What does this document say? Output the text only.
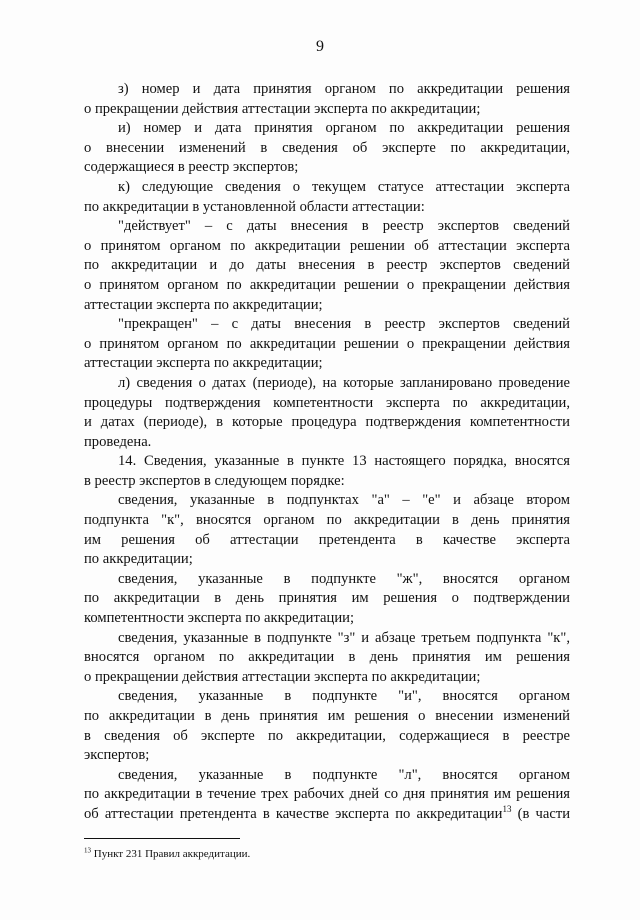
9
з) номер и дата принятия органом по аккредитации решения
о прекращении действия аттестации эксперта по аккредитации;
и) номер и дата принятия органом по аккредитации решения
о внесении изменений в сведения об эксперте по аккредитации,
содержащиеся в реестр экспертов;
к) следующие сведения о текущем статусе аттестации эксперта
по аккредитации в установленной области аттестации:
"действует" – с даты внесения в реестр экспертов сведений
о принятом органом по аккредитации решении об аттестации эксперта
по аккредитации и до даты внесения в реестр экспертов сведений
о принятом органом по аккредитации решении о прекращении действия
аттестации эксперта по аккредитации;
"прекращен" – с даты внесения в реестр экспертов сведений
о принятом органом по аккредитации решении о прекращении действия
аттестации эксперта по аккредитации;
л) сведения о датах (периоде), на которые запланировано проведение
процедуры подтверждения компетентности эксперта по аккредитации,
и датах (периоде), в которые процедура подтверждения компетентности
проведена.
14. Сведения, указанные в пункте 13 настоящего порядка, вносятся
в реестр экспертов в следующем порядке:
сведения, указанные в подпунктах "а" – "е" и абзаце втором
подпункта "к", вносятся органом по аккредитации в день принятия
им решения об аттестации претендента в качестве эксперта
по аккредитации;
сведения, указанные в подпункте "ж", вносятся органом
по аккредитации в день принятия им решения о подтверждении
компетентности эксперта по аккредитации;
сведения, указанные в подпункте "з" и абзаце третьем подпункта "к",
вносятся органом по аккредитации в день принятия им решения
о прекращении действия аттестации эксперта по аккредитации;
сведения, указанные в подпункте "и", вносятся органом
по аккредитации в день принятия им решения о внесении изменений
в сведения об эксперте по аккредитации, содержащиеся в реестре
экспертов;
сведения, указанные в подпункте "л", вносятся органом
по аккредитации в течение трех рабочих дней со дня принятия им решения
об аттестации претендента в качестве эксперта по аккредитации$^{13}$ (в части
$^{13}$ Пункт 231 Правил аккредитации.
